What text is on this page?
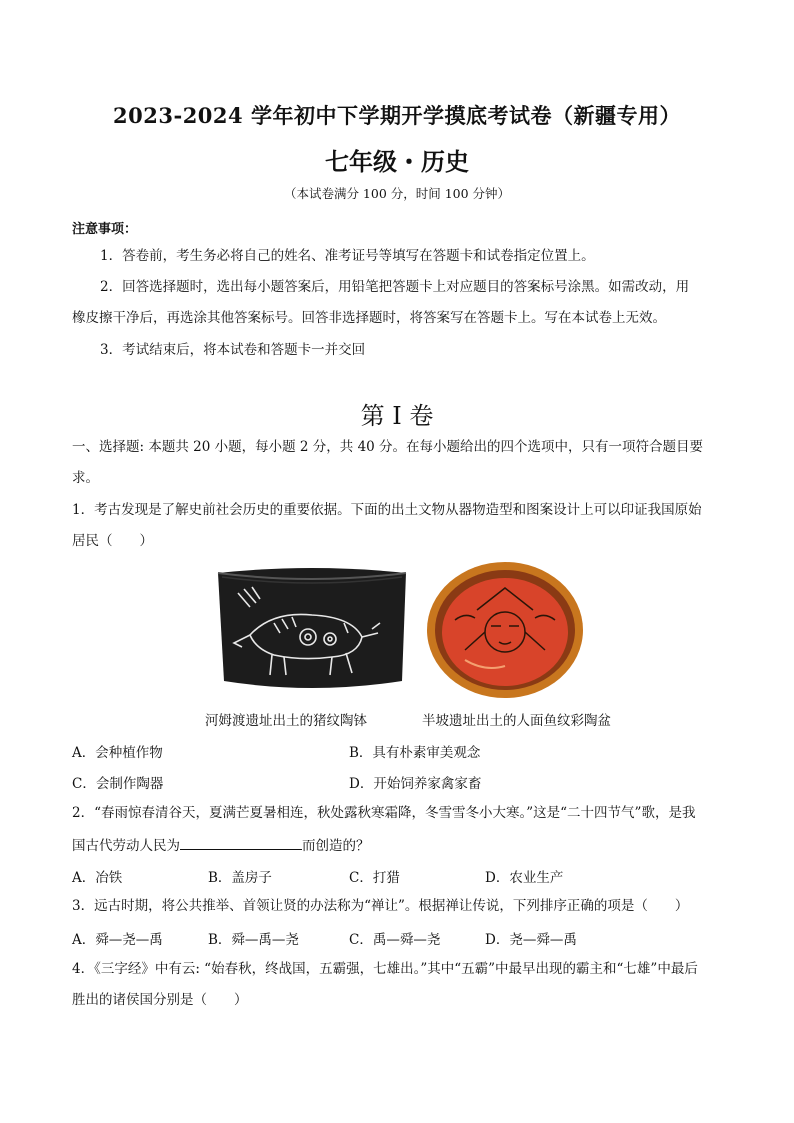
2023-2024 学年初中下学期开学摸底考试卷（新疆专用）
七年级・历史
（本试卷满分 100 分，时间 100 分钟）
注意事项：
1．答卷前，考生务必将自己的姓名、准考证号等填写在答题卡和试卷指定位置上。
2．回答选择题时，选出每小题答案后，用铅笔把答题卡上对应题目的答案标号涂黑。如需改动，用
橡皮擦干净后，再选涂其他答案标号。回答非选择题时，将答案写在答题卡上。写在本试卷上无效。
3．考试结束后，将本试卷和答题卡一并交回
第 I 卷
一、选择题: 本题共 20 小题，每小题 2 分，共 40 分。在每小题给出的四个选项中，只有一项符合题目要
求。
1．考古发现是了解史前社会历史的重要依据。下面的出土文物从器物造型和图案设计上可以印证我国原始
居民（　　）
河姆渡遗址出土的猪纹陶钵	半坡遗址出土的人面鱼纹彩陶盆
A．会种植作物	B．具有朴素审美观念
C．会制作陶器	D．开始饲养家禽家畜
2．“春雨惊春清谷天，夏满芒夏暑相连，秋处露秋寒霜降，冬雪雪冬小大寒。”这是“二十四节气”歌，是我
国古代劳动人民为	而创造的？
A．冶铁	B．盖房子	C．打猎	D．农业生产
3．远古时期，将公共推举、首领让贤的办法称为“禅让”。根据禅让传说，下列排序正确的项是（　　）
A．舜—尧—禹	B．舜—禹—尧	C．禹—舜—尧	D．尧—舜—禹
4．《三字经》中有云: “始春秋，终战国，五霸强，七雄出。”其中“五霸”中最早出现的霸主和“七雄”中最后
胜出的诸侯国分别是（　　）
